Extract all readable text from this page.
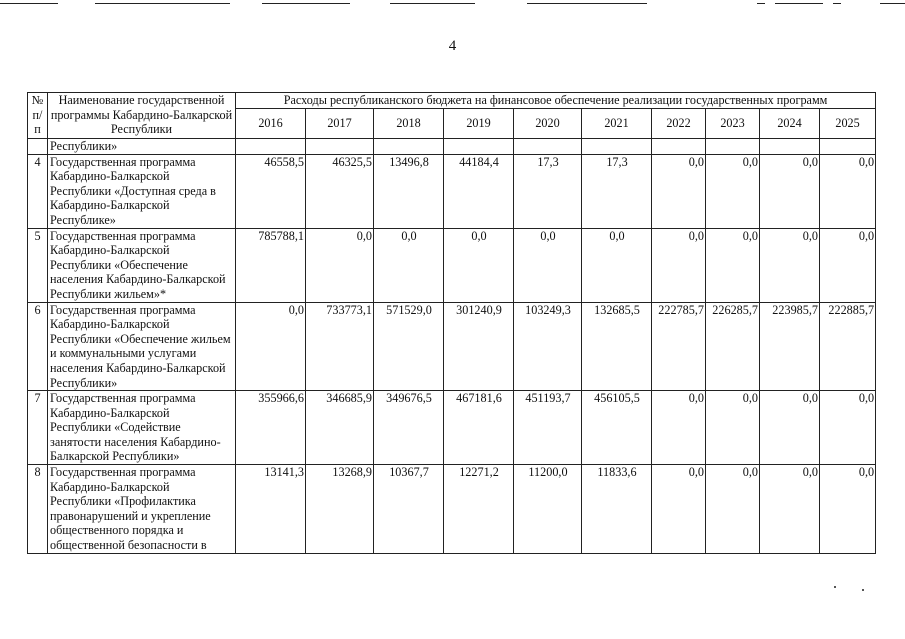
4
№ п/п	Наименование государственной программы Кабардино-Балкарской Республики	Расходы республиканского бюджета на финансовое обеспечение реализации государственных программ									
		2016	2017	2018	2019	2020	2021	2022	2023	2024	2025
	Республики»										
4	Государственная программа Кабардино-Балкарской Республики «Доступная среда в Кабардино-Балкарской Республике»	46558,5	46325,5	13496,8	44184,4	17,3	17,3	0,0	0,0	0,0	0,0
5	Государственная программа Кабардино-Балкарской Республики «Обеспечение населения Кабардино-Балкарской Республики жильем»*	785788,1	0,0	0,0	0,0	0,0	0,0	0,0	0,0	0,0	0,0
6	Государственная программа Кабардино-Балкарской Республики «Обеспечение жильем и коммунальными услугами населения Кабардино-Балкарской Республики»	0,0	733773,1	571529,0	301240,9	103249,3	132685,5	222785,7	226285,7	223985,7	222885,7
7	Государственная программа Кабардино-Балкарской Республики «Содействие занятости населения Кабардино-Балкарской Республики»	355966,6	346685,9	349676,5	467181,6	451193,7	456105,5	0,0	0,0	0,0	0,0
8	Государственная программа Кабардино-Балкарской Республики «Профилактика правонарушений и укрепление общественного порядка и общественной безопасности в	13141,3	13268,9	10367,7	12271,2	11200,0	11833,6	0,0	0,0	0,0	0,0
